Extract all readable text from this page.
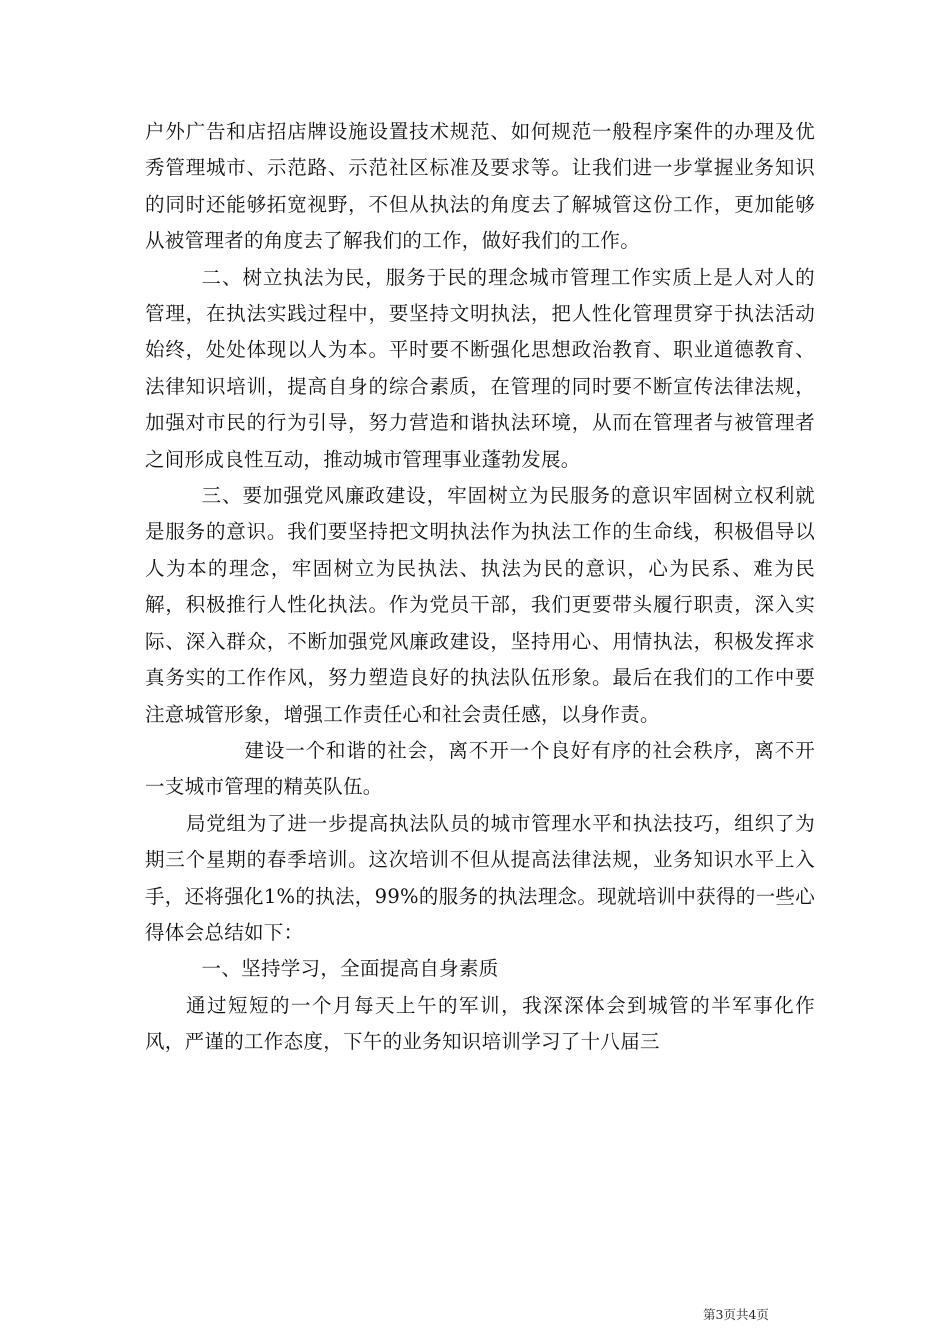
户外广告和店招店牌设施设置技术规范、如何规范一般程序案件的办理及优秀管理城市、示范路、示范社区标准及要求等。让我们进一步掌握业务知识的同时还能够拓宽视野，不但从执法的角度去了解城管这份工作，更加能够从被管理者的角度去了解我们的工作，做好我们的工作。

二、树立执法为民，服务于民的理念城市管理工作实质上是人对人的管理，在执法实践过程中，要坚持文明执法，把人性化管理贯穿于执法活动始终，处处体现以人为本。平时要不断强化思想政治教育、职业道德教育、法律知识培训，提高自身的综合素质，在管理的同时要不断宣传法律法规，加强对市民的行为引导，努力营造和谐执法环境，从而在管理者与被管理者之间形成良性互动，推动城市管理事业蓬勃发展。

三、要加强党风廉政建设，牢固树立为民服务的意识牢固树立权利就是服务的意识。我们要坚持把文明执法作为执法工作的生命线，积极倡导以人为本的理念，牢固树立为民执法、执法为民的意识，心为民系、难为民解，积极推行人性化执法。作为党员干部，我们更要带头履行职责，深入实际、深入群众，不断加强党风廉政建设，坚持用心、用情执法，积极发挥求真务实的工作作风，努力塑造良好的执法队伍形象。最后在我们的工作中要注意城管形象，增强工作责任心和社会责任感，以身作责。

建设一个和谐的社会，离不开一个良好有序的社会秩序，离不开一支城市管理的精英队伍。

局党组为了进一步提高执法队员的城市管理水平和执法技巧，组织了为期三个星期的春季培训。这次培训不但从提高法律法规，业务知识水平上入手，还将强化1%的执法，99%的服务的执法理念。现就培训中获得的一些心得体会总结如下：

一、坚持学习，全面提高自身素质

通过短短的一个月每天上午的军训，我深深体会到城管的半军事化作风，严谨的工作态度，下午的业务知识培训学习了十八届三

第3页共4页
